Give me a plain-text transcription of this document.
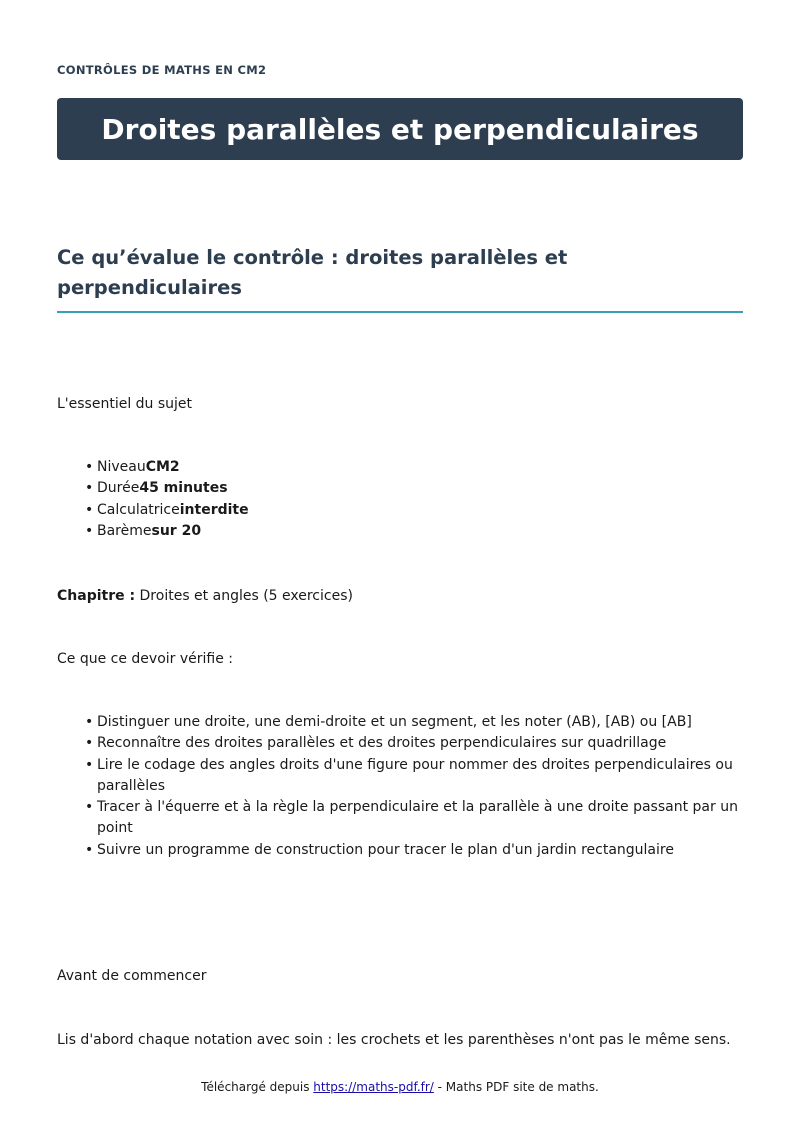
CONTRÔLES DE MATHS EN CM2
Droites parallèles et perpendiculaires
Ce qu’évalue le contrôle : droites parallèles et perpendiculaires

L'essentiel du sujet

• NiveauCM2
• Durée45 minutes
• Calculatriceinterdite
• Barèmesur 20

Chapitre : Droites et angles (5 exercices)

Ce que ce devoir vérifie :

• Distinguer une droite, une demi-droite et un segment, et les noter (AB), [AB) ou [AB]
• Reconnaître des droites parallèles et des droites perpendiculaires sur quadrillage
• Lire le codage des angles droits d'une figure pour nommer des droites perpendiculaires ou parallèles
• Tracer à l'équerre et à la règle la perpendiculaire et la parallèle à une droite passant par un point
• Suivre un programme de construction pour tracer le plan d'un jardin rectangulaire

Avant de commencer

Lis d'abord chaque notation avec soin : les crochets et les parenthèses n'ont pas le même sens.

Téléchargé depuis https://maths-pdf.fr/ - Maths PDF site de maths.
